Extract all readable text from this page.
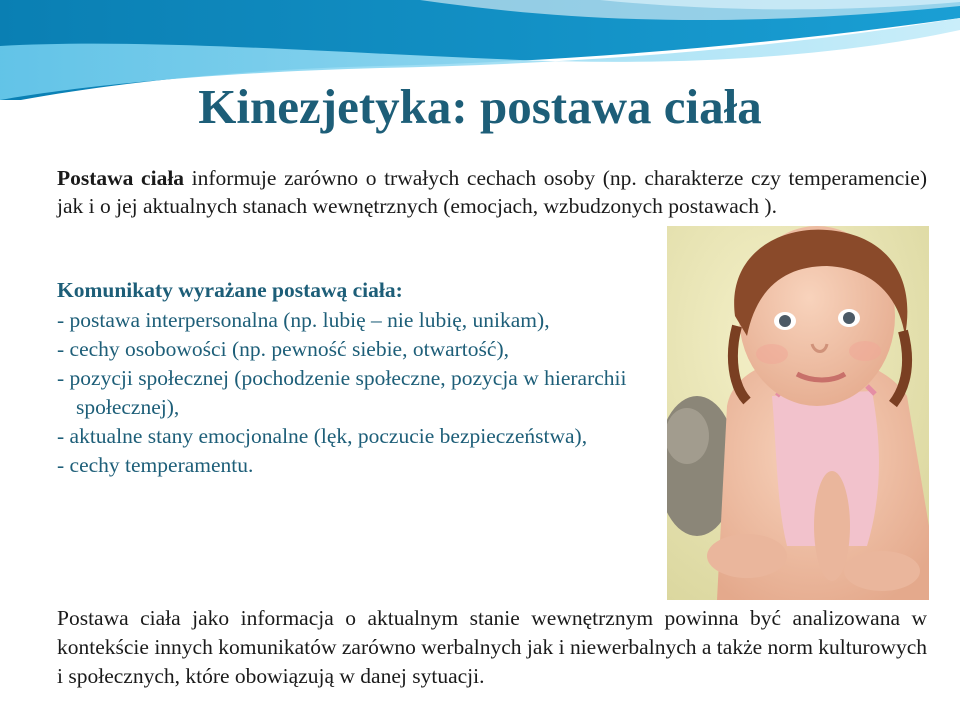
Kinezjetyka: postawa ciała

Postawa ciała informuje zarówno o trwałych cechach osoby (np. charakterze czy temperamencie) jak i o jej aktualnych stanach wewnętrznych (emocjach, wzbudzonych postawach ).

Komunikaty wyrażane postawą ciała:

- postawa interpersonalna (np. lubię – nie lubię, unikam),
- cechy osobowości (np. pewność siebie, otwartość),
- pozycji społecznej (pochodzenie społeczne, pozycja w hierarchii społecznej),
- aktualne stany emocjonalne (lęk, poczucie bezpieczeństwa),
- cechy temperamentu.

Postawa ciała jako informacja o aktualnym stanie wewnętrznym powinna być analizowana w kontekście innych komunikatów zarówno werbalnych jak i niewerbalnych a także norm kulturowych i społecznych, które obowiązują w danej sytuacji.
